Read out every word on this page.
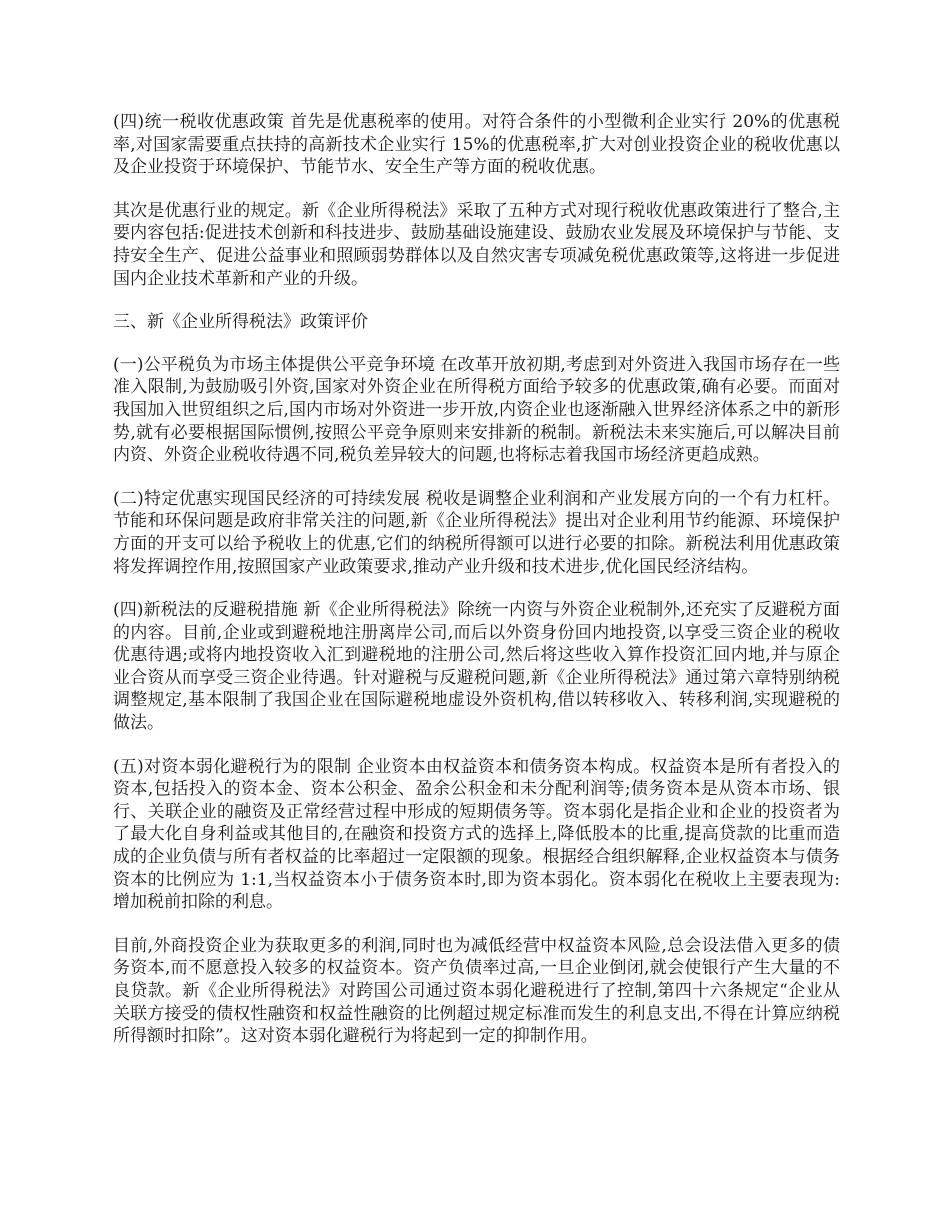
(四)统一税收优惠政策 首先是优惠税率的使用。对符合条件的小型微利企业实行 20%的优惠税率,对国家需要重点扶持的高新技术企业实行 15%的优惠税率,扩大对创业投资企业的税收优惠以及企业投资于环境保护、节能节水、安全生产等方面的税收优惠。

其次是优惠行业的规定。新《企业所得税法》采取了五种方式对现行税收优惠政策进行了整合,主要内容包括:促进技术创新和科技进步、鼓励基础设施建设、鼓励农业发展及环境保护与节能、支持安全生产、促进公益事业和照顾弱势群体以及自然灾害专项减免税优惠政策等,这将进一步促进国内企业技术革新和产业的升级。

三、新《企业所得税法》政策评价

(一)公平税负为市场主体提供公平竞争环境 在改革开放初期,考虑到对外资进入我国市场存在一些准入限制,为鼓励吸引外资,国家对外资企业在所得税方面给予较多的优惠政策,确有必要。而面对我国加入世贸组织之后,国内市场对外资进一步开放,内资企业也逐渐融入世界经济体系之中的新形势,就有必要根据国际惯例,按照公平竞争原则来安排新的税制。新税法未来实施后,可以解决目前内资、外资企业税收待遇不同,税负差异较大的问题,也将标志着我国市场经济更趋成熟。

(二)特定优惠实现国民经济的可持续发展 税收是调整企业利润和产业发展方向的一个有力杠杆。节能和环保问题是政府非常关注的问题,新《企业所得税法》提出对企业利用节约能源、环境保护方面的开支可以给予税收上的优惠,它们的纳税所得额可以进行必要的扣除。新税法利用优惠政策将发挥调控作用,按照国家产业政策要求,推动产业升级和技术进步,优化国民经济结构。

(四)新税法的反避税措施 新《企业所得税法》除统一内资与外资企业税制外,还充实了反避税方面的内容。目前,企业或到避税地注册离岸公司,而后以外资身份回内地投资,以享受三资企业的税收优惠待遇;或将内地投资收入汇到避税地的注册公司,然后将这些收入算作投资汇回内地,并与原企业合资从而享受三资企业待遇。针对避税与反避税问题,新《企业所得税法》通过第六章特别纳税调整规定,基本限制了我国企业在国际避税地虚设外资机构,借以转移收入、转移利润,实现避税的做法。

(五)对资本弱化避税行为的限制 企业资本由权益资本和债务资本构成。权益资本是所有者投入的资本,包括投入的资本金、资本公积金、盈余公积金和未分配利润等;债务资本是从资本市场、银行、关联企业的融资及正常经营过程中形成的短期债务等。资本弱化是指企业和企业的投资者为了最大化自身利益或其他目的,在融资和投资方式的选择上,降低股本的比重,提高贷款的比重而造成的企业负债与所有者权益的比率超过一定限额的现象。根据经合组织解释,企业权益资本与债务资本的比例应为 1:1,当权益资本小于债务资本时,即为资本弱化。资本弱化在税收上主要表现为:增加税前扣除的利息。

目前,外商投资企业为获取更多的利润,同时也为减低经营中权益资本风险,总会设法借入更多的债务资本,而不愿意投入较多的权益资本。资产负债率过高,一旦企业倒闭,就会使银行产生大量的不良贷款。新《企业所得税法》对跨国公司通过资本弱化避税进行了控制,第四十六条规定“企业从关联方接受的债权性融资和权益性融资的比例超过规定标准而发生的利息支出,不得在计算应纳税所得额时扣除”。这对资本弱化避税行为将起到一定的抑制作用。
